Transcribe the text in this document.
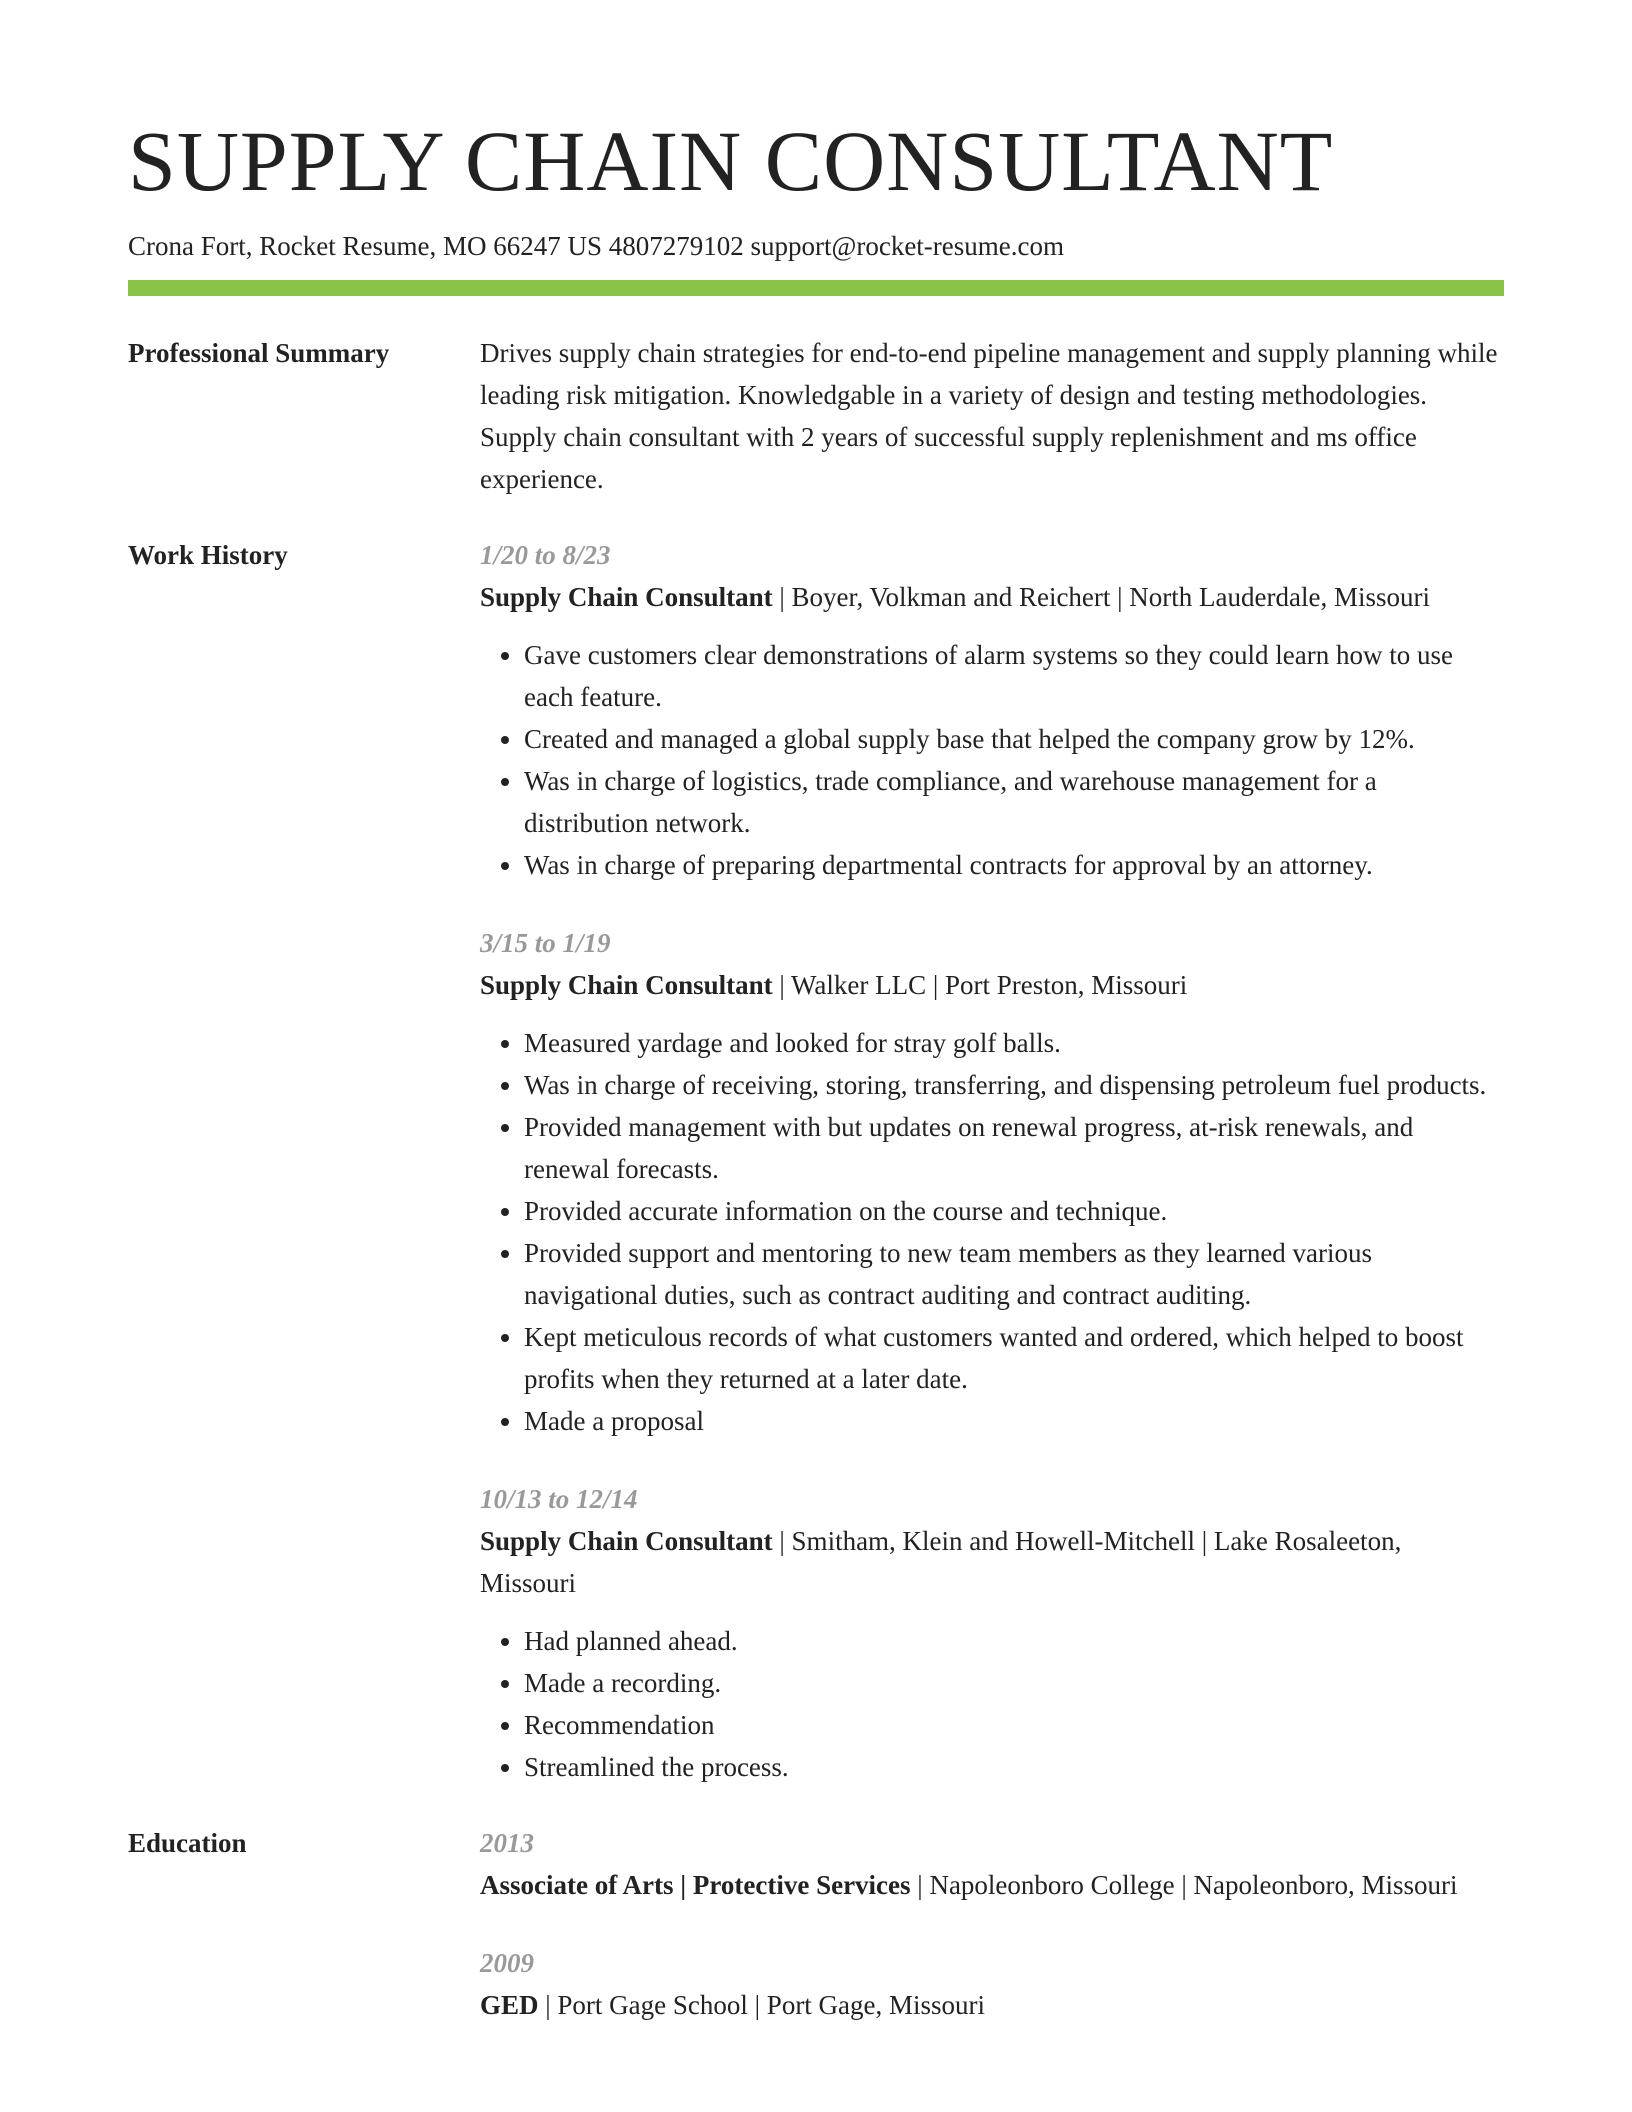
SUPPLY CHAIN CONSULTANT
Crona Fort, Rocket Resume, MO 66247 US 4807279102 support@rocket-resume.com
Professional Summary	Drives supply chain strategies for end-to-end pipeline management and supply planning while leading risk mitigation. Knowledgable in a variety of design and testing methodologies. Supply chain consultant with 2 years of successful supply replenishment and ms office experience.

Work History	1/20 to 8/23
Supply Chain Consultant | Boyer, Volkman and Reichert | North Lauderdale, Missouri
• Gave customers clear demonstrations of alarm systems so they could learn how to use each feature.
• Created and managed a global supply base that helped the company grow by 12%.
• Was in charge of logistics, trade compliance, and warehouse management for a distribution network.
• Was in charge of preparing departmental contracts for approval by an attorney.
3/15 to 1/19
Supply Chain Consultant | Walker LLC | Port Preston, Missouri
• Measured yardage and looked for stray golf balls.
• Was in charge of receiving, storing, transferring, and dispensing petroleum fuel products.
• Provided management with but updates on renewal progress, at-risk renewals, and renewal forecasts.
• Provided accurate information on the course and technique.
• Provided support and mentoring to new team members as they learned various navigational duties, such as contract auditing and contract auditing.
• Kept meticulous records of what customers wanted and ordered, which helped to boost profits when they returned at a later date.
• Made a proposal
10/13 to 12/14
Supply Chain Consultant | Smitham, Klein and Howell-Mitchell | Lake Rosaleeton, Missouri
• Had planned ahead.
• Made a recording.
• Recommendation
• Streamlined the process.
Education	2013
Associate of Arts | Protective Services | Napoleonboro College | Napoleonboro, Missouri
2009
GED | Port Gage School | Port Gage, Missouri
